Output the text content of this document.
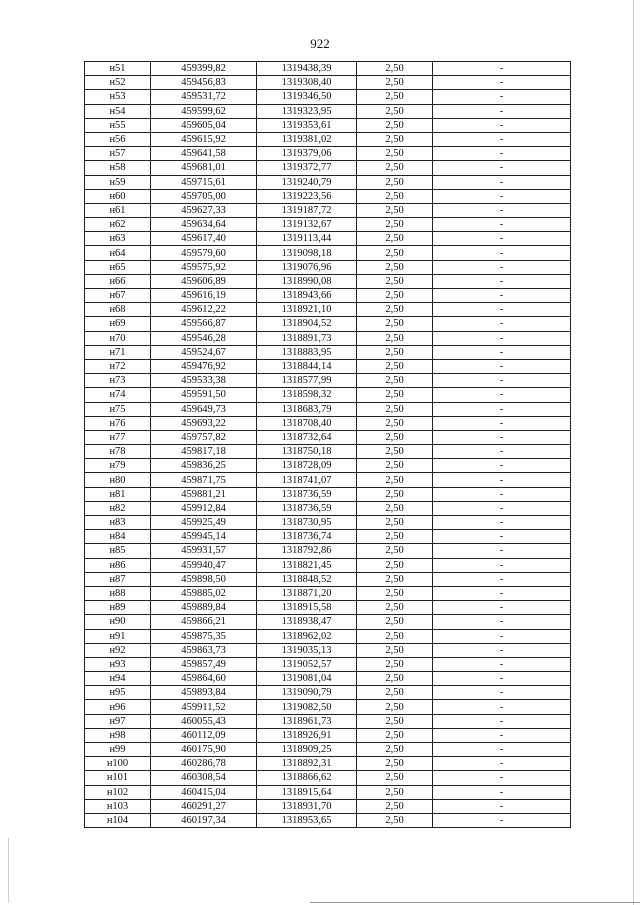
922
н51	459399,82	1319438,39	2,50	-
н52	459456,83	1319308,40	2,50	-
н53	459531,72	1319346,50	2,50	-
н54	459599,62	1319323,95	2,50	-
н55	459605,04	1319353,61	2,50	-
н56	459615,92	1319381,02	2,50	-
н57	459641,58	1319379,06	2,50	-
н58	459681,01	1319372,77	2,50	-
н59	459715,61	1319240,79	2,50	-
н60	459705,00	1319223,56	2,50	-
н61	459627,33	1319187,72	2,50	-
н62	459634,64	1319132,67	2,50	-
н63	459617,40	1319113,44	2,50	-
н64	459579,60	1319098,18	2,50	-
н65	459575,92	1319076,96	2,50	-
н66	459606,89	1318990,08	2,50	-
н67	459616,19	1318943,66	2,50	-
н68	459612,22	1318921,10	2,50	-
н69	459566,87	1318904,52	2,50	-
н70	459546,28	1318891,73	2,50	-
н71	459524,67	1318883,95	2,50	-
н72	459476,92	1318844,14	2,50	-
н73	459533,38	1318577,99	2,50	-
н74	459591,50	1318598,32	2,50	-
н75	459649,73	1318683,79	2,50	-
н76	459693,22	1318708,40	2,50	-
н77	459757,82	1318732,64	2,50	-
н78	459817,18	1318750,18	2,50	-
н79	459836,25	1318728,09	2,50	-
н80	459871,75	1318741,07	2,50	-
н81	459881,21	1318736,59	2,50	-
н82	459912,84	1318736,59	2,50	-
н83	459925,49	1318730,95	2,50	-
н84	459945,14	1318736,74	2,50	-
н85	459931,57	1318792,86	2,50	-
н86	459940,47	1318821,45	2,50	-
н87	459898,50	1318848,52	2,50	-
н88	459885,02	1318871,20	2,50	-
н89	459889,84	1318915,58	2,50	-
н90	459866,21	1318938,47	2,50	-
н91	459875,35	1318962,02	2,50	-
н92	459863,73	1319035,13	2,50	-
н93	459857,49	1319052,57	2,50	-
н94	459864,60	1319081,04	2,50	-
н95	459893,84	1319090,79	2,50	-
н96	459911,52	1319082,50	2,50	-
н97	460055,43	1318961,73	2,50	-
н98	460112,09	1318926,91	2,50	-
н99	460175,90	1318909,25	2,50	-
н100	460286,78	1318892,31	2,50	-
н101	460308,54	1318866,62	2,50	-
н102	460415,04	1318915,64	2,50	-
н103	460291,27	1318931,70	2,50	-
н104	460197,34	1318953,65	2,50	-
